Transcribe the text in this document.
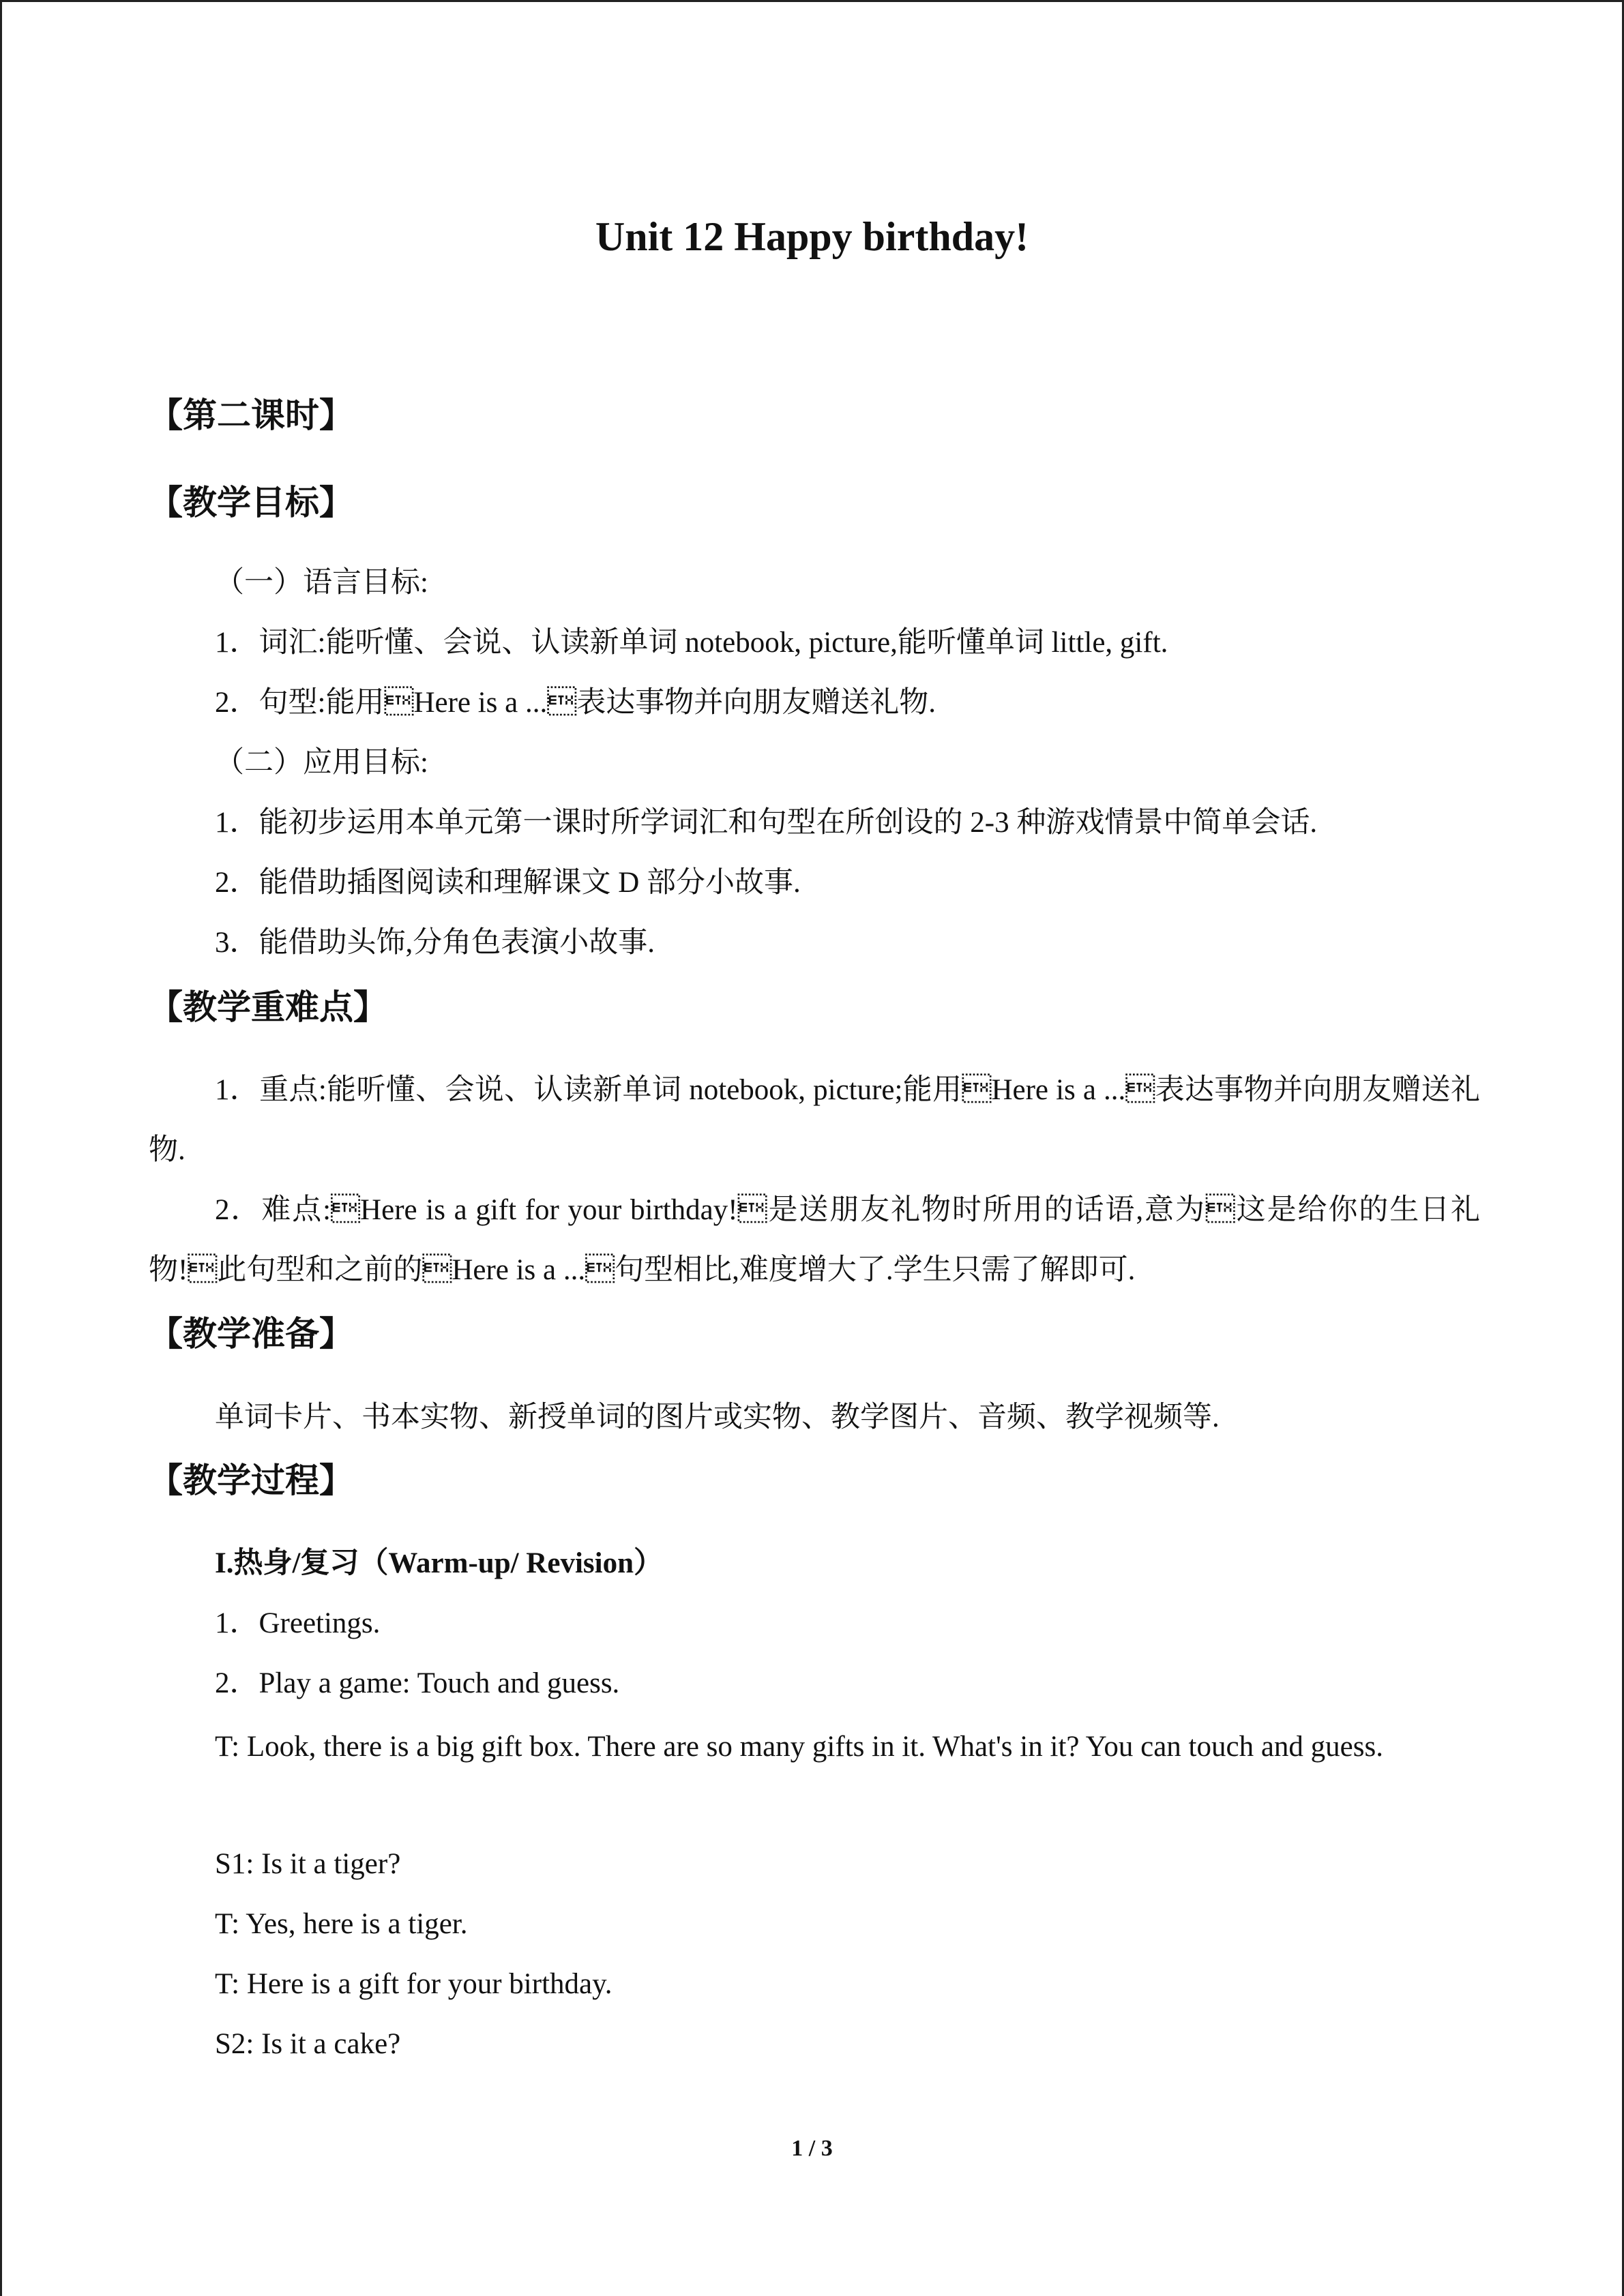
Unit 12 Happy birthday!
【第二课时】
【教学目标】
（一）语言目标:
1．词汇:能听懂、会说、认读新单词 notebook, picture,能听懂单词 little, gift.
2．句型:能用Here is a ...表达事物并向朋友赠送礼物.
（二）应用目标:
1．能初步运用本单元第一课时所学词汇和句型在所创设的 2-3 种游戏情景中简单会话.
2．能借助插图阅读和理解课文 D 部分小故事.
3．能借助头饰,分角色表演小故事.
【教学重难点】
1．重点:能听懂、会说、认读新单词 notebook, picture;能用Here is a ...表达事物并向朋友赠送礼物.
2．难点:Here is a gift for your birthday!是送朋友礼物时所用的话语,意为这是给你的生日礼物!此句型和之前的Here is a ...句型相比,难度增大了.学生只需了解即可.
【教学准备】
单词卡片、书本实物、新授单词的图片或实物、教学图片、音频、教学视频等.
【教学过程】
I.热身/复习（Warm-up/ Revision）
1．Greetings.
2．Play a game: Touch and guess.
T: Look, there is a big gift box. There are so many gifts in it. What's in it? You can touch and guess.
S1: Is it a tiger?
T: Yes, here is a tiger.
T: Here is a gift for your birthday.
S2: Is it a cake?
1 / 3
